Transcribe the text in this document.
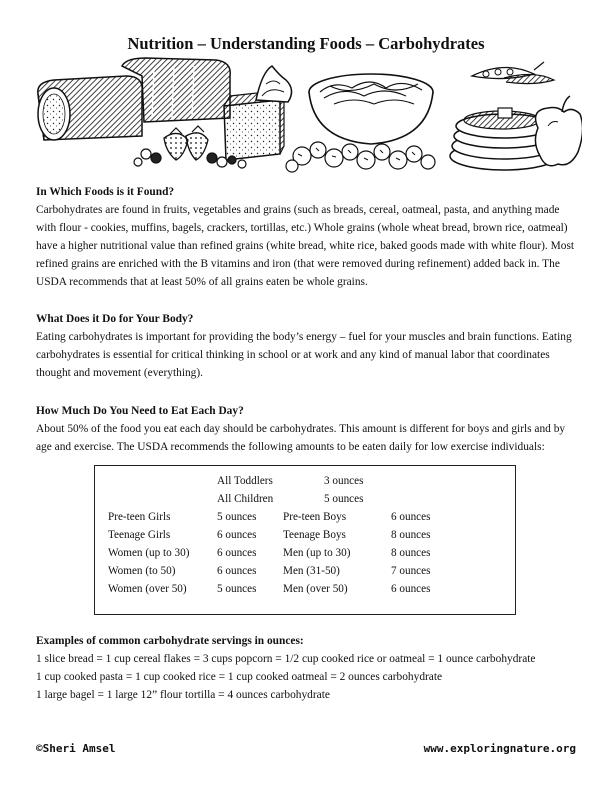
Nutrition – Understanding Foods – Carbohydrates
In Which Foods is it Found?

Carbohydrates are found in fruits, vegetables and grains (such as breads, cereal, oatmeal, pasta, and anything made with flour - cookies, muffins, bagels, crackers, tortillas, etc.) Whole grains (whole wheat bread, brown rice, oatmeal) have a higher nutritional value than refined grains (white bread, white rice, baked goods made with white flour). Most refined grains are enriched with the B vitamins and iron (that were removed during refinement) added back in. The USDA recommends that at least 50% of all grains eaten be whole grains.

What Does it Do for Your Body?

Eating carbohydrates is important for providing the body’s energy – fuel for your muscles and brain functions. Eating carbohydrates is essential for critical thinking in school or at work and any kind of manual labor that coordinates thought and movement (everything).

How Much Do You Need to Eat Each Day?

About 50% of the food you eat each day should be carbohydrates. This amount is different for boys and girls and by age and exercise. The USDA recommends the following amounts to be eaten daily for low exercise individuals:

All Toddlers	3 ounces
All Children	5 ounces
Pre-teen Girls	5 ounces Pre-teen Boys	6 ounces
Teenage Girls	6 ounces Teenage Boys	8 ounces
Women (up to 30) 6 ounces Men (up to 30)	8 ounces
Women (to 50)	6 ounces Men (31-50)	7 ounces
Women (over 50)	5 ounces Men (over 50)	6 ounces
Examples of common carbohydrate servings in ounces:

1 slice bread = 1 cup cereal flakes = 3 cups popcorn = 1/2 cup cooked rice or oatmeal = 1 ounce carbohydrate

1 cup cooked pasta = 1 cup cooked rice = 1 cup cooked oatmeal = 2 ounces carbohydrate

1 large bagel = 1 large 12” flour tortilla = 4 ounces carbohydrate

©Sheri Amsel	www.exploringnature.org
